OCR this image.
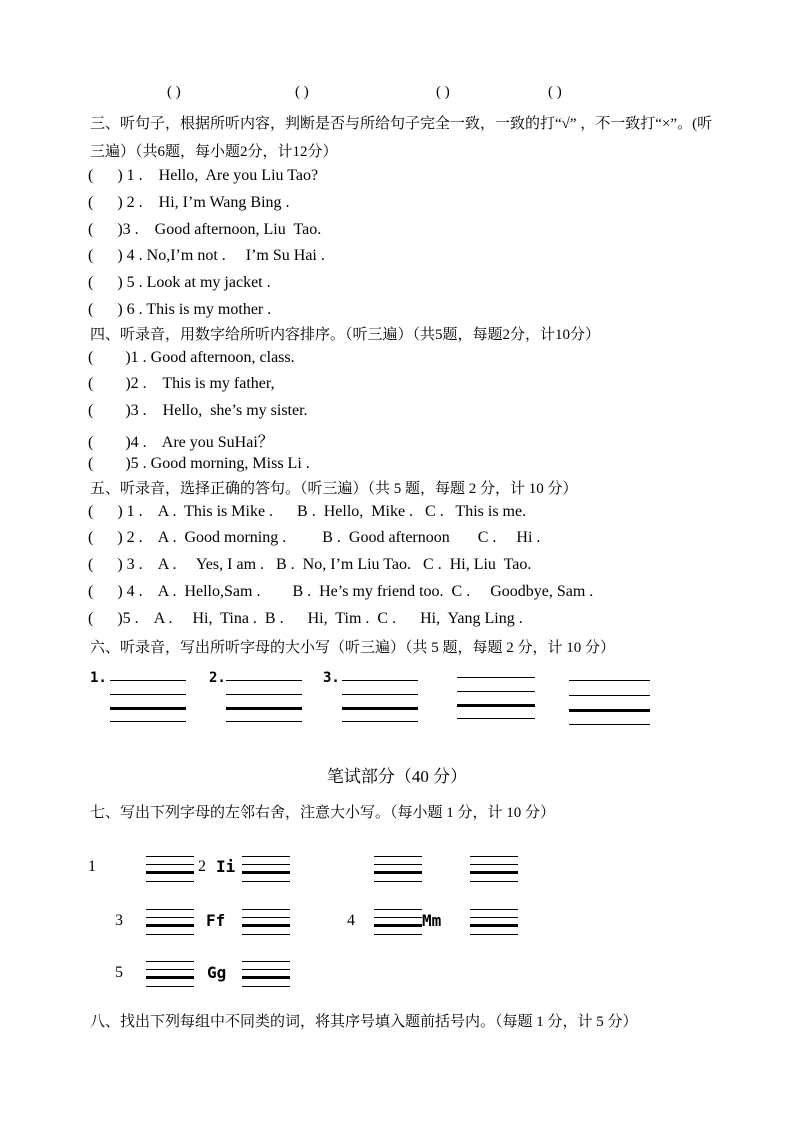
( )	( )	( )	( )
三、听句子，根据所听内容，判断是否与所给句子完全一致，一致的打“√” ，不一致打“×”。(听
三遍）（共6题，每小题2分，计12分）
(      ) 1 .    Hello,  Are you Liu Tao?
(      ) 2 .    Hi, I’m Wang Bing .
(      )3 .    Good afternoon, Liu  Tao.
(      ) 4 . No,I’m not .     I’m Su Hai .
(      ) 5 . Look at my jacket .
(      ) 6 . This is my mother .
四、听录音，用数字给所听内容排序。（听三遍）（共5题，每题2分，计10分）
(        )1 . Good afternoon, class.
(        )2 .    This is my father,
(        )3 .    Hello,  she’s my sister.
(        )4 .    Are you SuHai？
(        )5 . Good morning, Miss Li .
五、听录音，选择正确的答句。（听三遍）（共 5 题，每题 2 分，计 10 分）
(      ) 1 .    A .  This is Mike .      B .  Hello,  Mike .   C .   This is me.
(      ) 2 .    A .  Good morning .         B .  Good afternoon       C .     Hi .
(      ) 3 .    A .     Yes, I am .   B .  No, I’m Liu Tao.   C .  Hi, Liu  Tao.
(      ) 4 .    A .  Hello,Sam .        B .  He’s my friend too.  C .     Goodbye, Sam .
(      )5 .    A .     Hi,  Tina .  B .      Hi,  Tim .  C .      Hi,  Yang Ling .
六、听录音，写出所听字母的大小写（听三遍）（共 5 题，每题 2 分，计 10 分）
1.	2.	3.
笔试部分（40 分）
七、写出下列字母的左邻右舍，注意大小写。（每小题 1 分，计 10 分）
1	2 Ii
3	Ff	4	Mm
5	Gg
八、找出下列每组中不同类的词，将其序号填入题前括号内。（每题 1 分，计 5 分）
